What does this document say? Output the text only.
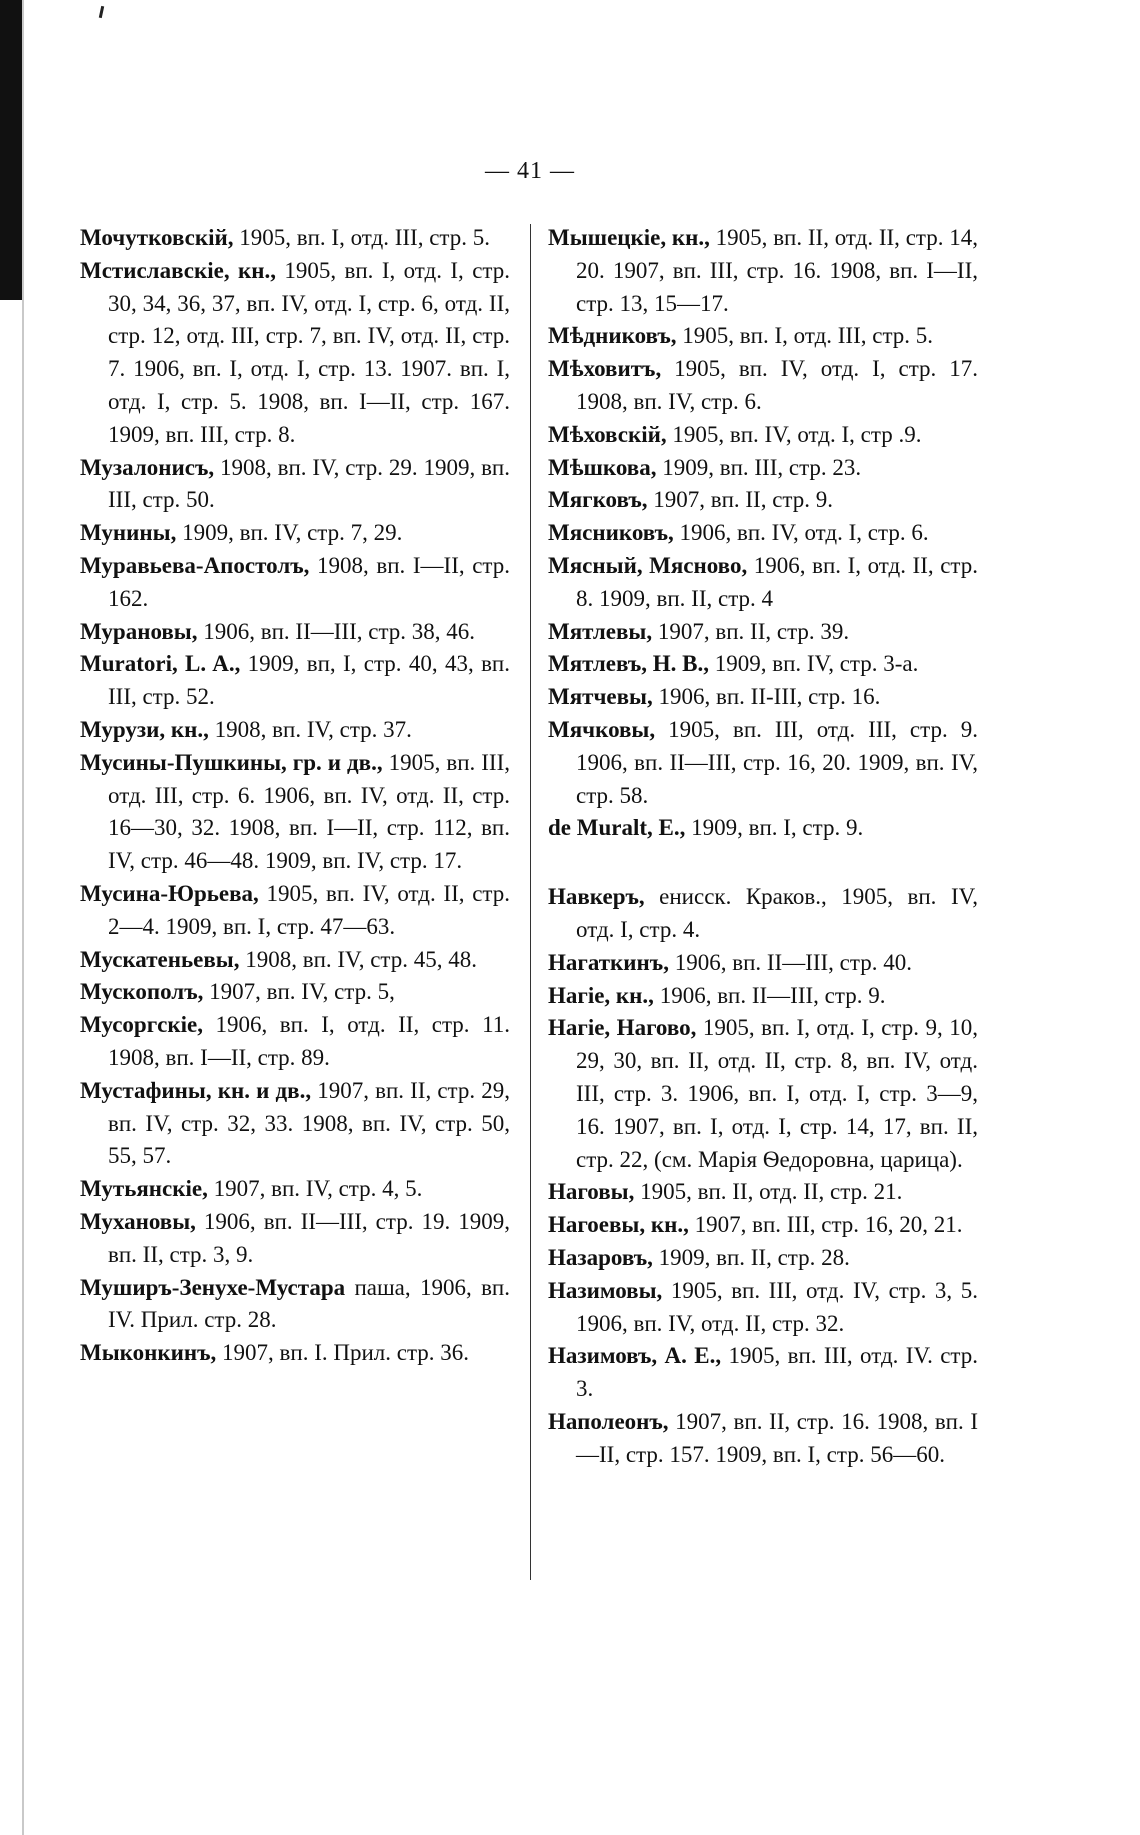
— 41 —
Мочутковскій, 1905, вп. I, отд. III, стр. 5.
Мстиславскіе, кн., 1905, вп. I, отд. I, стр. 30, 34, 36, 37, вп. IV, отд. I, стр. 6, отд. II, стр. 12, отд. III, стр. 7, вп. IV, отд. II, стр. 7. 1906, вп. I, отд. I, стр. 13. 1907. вп. I, отд. I, стр. 5. 1908, вп. I—II, стр. 167. 1909, вп. III, стр. 8.
Музалонисъ, 1908, вп. IV, стр. 29. 1909, вп. III, стр. 50.
Мунины, 1909, вп. IV, стр. 7, 29.
Муравьева-Апостолъ, 1908, вп. I—II, стр. 162.
Мурановы, 1906, вп. II—III, стр. 38, 46.
Muratori, L. A., 1909, вп, I, стр. 40, 43, вп. III, стр. 52.
Мурузи, кн., 1908, вп. IV, стр. 37.
Мусины-Пушкины, гр. и дв., 1905, вп. III, отд. III, стр. 6. 1906, вп. IV, отд. II, стр. 16—30, 32. 1908, вп. I—II, стр. 112, вп. IV, стр. 46—48. 1909, вп. IV, стр. 17.
Мусина-Юрьева, 1905, вп. IV, отд. II, стр. 2—4. 1909, вп. I, стр. 47—63.
Мускатеньевы, 1908, вп. IV, стр. 45, 48.
Мускополъ, 1907, вп. IV, стр. 5,
Мусоргскіе, 1906, вп. I, отд. II, стр. 11. 1908, вп. I—II, стр. 89.
Мустафины, кн. и дв., 1907, вп. II, стр. 29, вп. IV, стр. 32, 33. 1908, вп. IV, стр. 50, 55, 57.
Мутьянскіе, 1907, вп. IV, стр. 4, 5.
Мухановы, 1906, вп. II—III, стр. 19. 1909, вп. II, стр. 3, 9.
Муширъ-Зенухе-Мустара паша, 1906, вп. IV. Прил. стр. 28.
Мыконкинъ, 1907, вп. I. Прил. стр. 36.
Мышецкіе, кн., 1905, вп. II, отд. II, стр. 14, 20. 1907, вп. III, стр. 16. 1908, вп. I—II, стр. 13, 15—17.
Мѣдниковъ, 1905, вп. I, отд. III, стр. 5.
Мѣховитъ, 1905, вп. IV, отд. I, стр. 17. 1908, вп. IV, стр. 6.
Мѣховскій, 1905, вп. IV, отд. I, стр .9.
Мѣшкова, 1909, вп. III, стр. 23.
Мягковъ, 1907, вп. II, стр. 9.
Мясниковъ, 1906, вп. IV, отд. I, стр. 6.
Мясный, Мясново, 1906, вп. I, отд. II, стр. 8. 1909, вп. II, стр. 4
Мятлевы, 1907, вп. II, стр. 39.
Мятлевъ, Н. В., 1909, вп. IV, стр. 3-а.
Мятчевы, 1906, вп. II-III, стр. 16.
Мячковы, 1905, вп. III, отд. III, стр. 9. 1906, вп. II—III, стр. 16, 20. 1909, вп. IV, стр. 58.
de Muralt, E., 1909, вп. I, стр. 9.
Навкеръ, енисск. Краков., 1905, вп. IV, отд. I, стр. 4.
Нагаткинъ, 1906, вп. II—III, стр. 40.
Нагіе, кн., 1906, вп. II—III, стр. 9.
Нагіе, Нагово, 1905, вп. I, отд. I, стр. 9, 10, 29, 30, вп. II, отд. II, стр. 8, вп. IV, отд. III, стр. 3. 1906, вп. I, отд. I, стр. 3—9, 16. 1907, вп. I, отд. I, стр. 14, 17, вп. II, стр. 22, (см. Марія Ѳедоровна, царица).
Наговы, 1905, вп. II, отд. II, стр. 21.
Нагоевы, кн., 1907, вп. III, стр. 16, 20, 21.
Назаровъ, 1909, вп. II, стр. 28.
Назимовы, 1905, вп. III, отд. IV, стр. 3, 5. 1906, вп. IV, отд. II, стр. 32.
Назимовъ, А. Е., 1905, вп. III, отд. IV. стр. 3.
Наполеонъ, 1907, вп. II, стр. 16. 1908, вп. I—II, стр. 157. 1909, вп. I, стр. 56—60.
